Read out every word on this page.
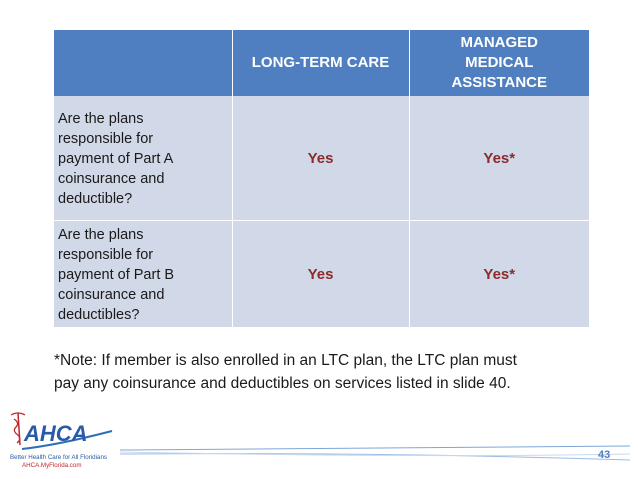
	LONG-TERM CARE	MANAGED
MEDICAL
ASSISTANCE

Are the plans
responsible for
payment of Part A
coinsurance and
deductible?	Yes	Yes*

Are the plans
responsible for
payment of Part B
coinsurance and
deductibles?	Yes	Yes*
*Note: If member is also enrolled in an LTC plan, the LTC plan must
pay any coinsurance and deductibles on services listed in slide 40.
AHCA
Better Health Care for All Floridians
AHCA.MyFlorida.com
43
